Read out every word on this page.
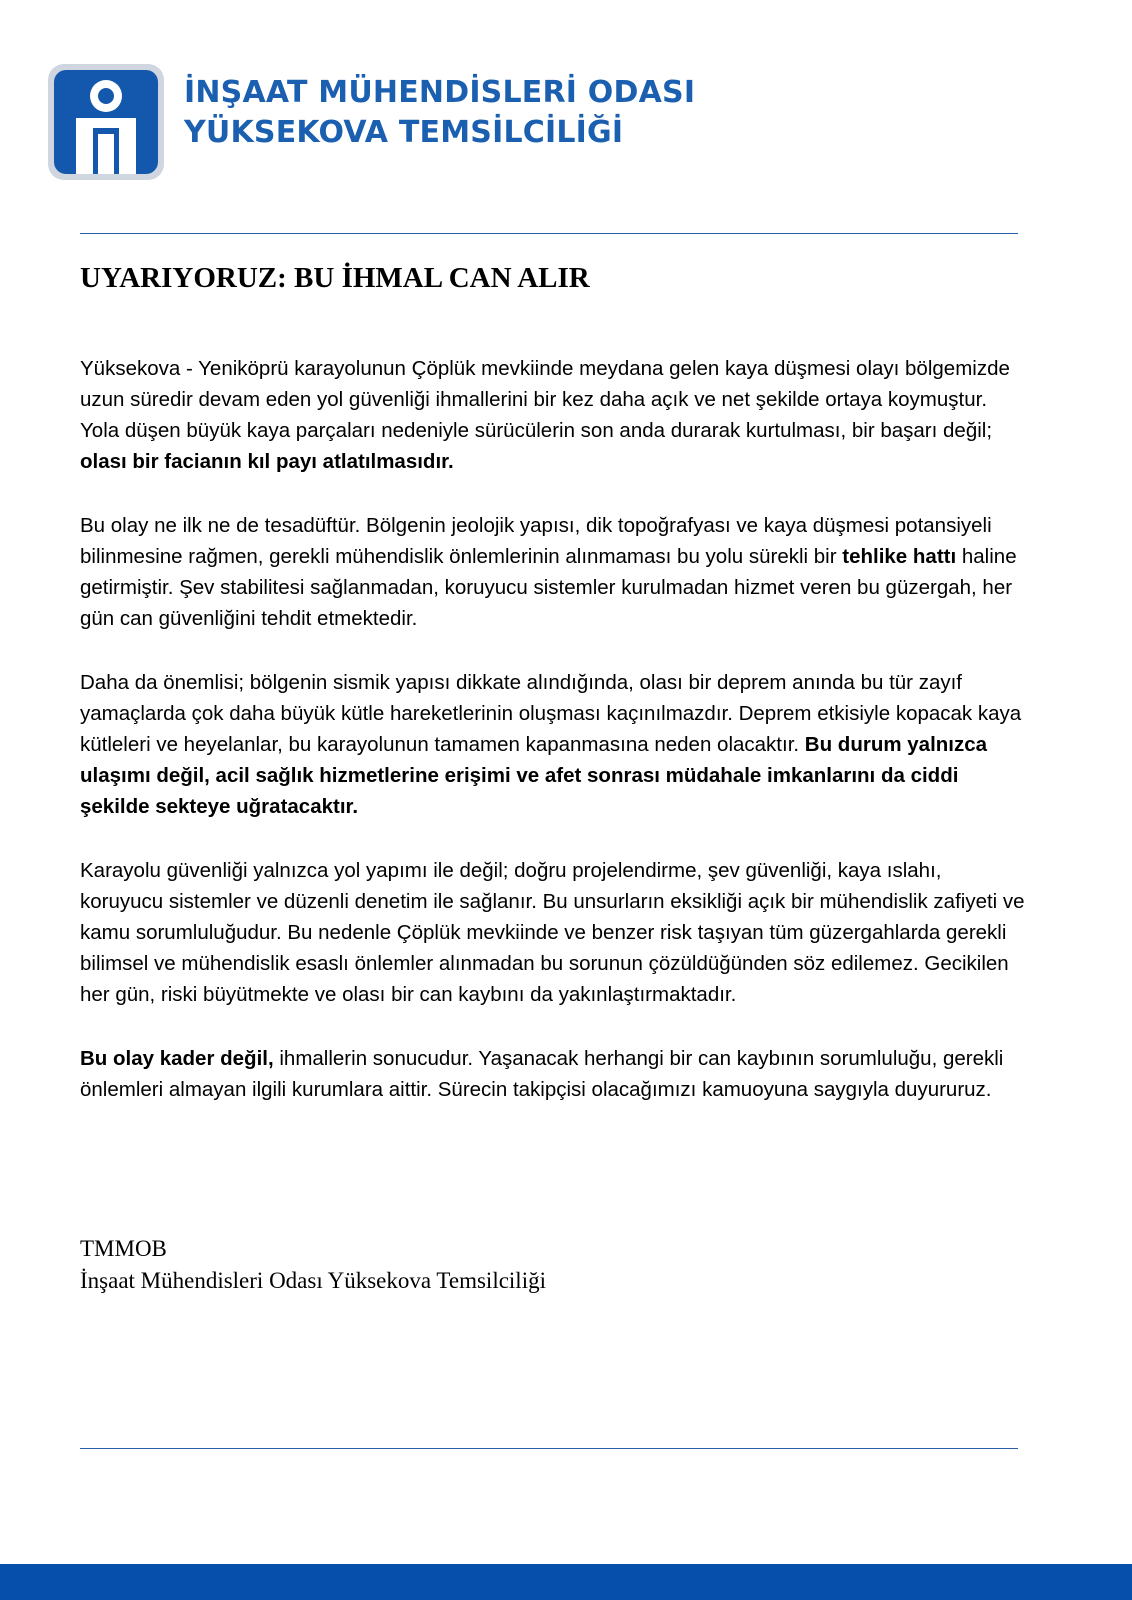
İNŞAAT MÜHENDİSLERİ ODASI
YÜKSEKOVA TEMSİLCİLİĞİ
UYARIYORUZ: BU İHMAL CAN ALIR

Yüksekova - Yeniköprü karayolunun Çöplük mevkiinde meydana gelen kaya düşmesi olayı bölgemizde uzun süredir devam eden yol güvenliği ihmallerini bir kez daha açık ve net şekilde ortaya koymuştur. Yola düşen büyük kaya parçaları nedeniyle sürücülerin son anda durarak kurtulması, bir başarı değil; olası bir facianın kıl payı atlatılmasıdır.

Bu olay ne ilk ne de tesadüftür. Bölgenin jeolojik yapısı, dik topoğrafyası ve kaya düşmesi potansiyeli bilinmesine rağmen, gerekli mühendislik önlemlerinin alınmaması bu yolu sürekli bir tehlike hattı haline getirmiştir. Şev stabilitesi sağlanmadan, koruyucu sistemler kurulmadan hizmet veren bu güzergah, her gün can güvenliğini tehdit etmektedir.

Daha da önemlisi; bölgenin sismik yapısı dikkate alındığında, olası bir deprem anında bu tür zayıf yamaçlarda çok daha büyük kütle hareketlerinin oluşması kaçınılmazdır. Deprem etkisiyle kopacak kaya kütleleri ve heyelanlar, bu karayolunun tamamen kapanmasına neden olacaktır. Bu durum yalnızca ulaşımı değil, acil sağlık hizmetlerine erişimi ve afet sonrası müdahale imkanlarını da ciddi şekilde sekteye uğratacaktır.

Karayolu güvenliği yalnızca yol yapımı ile değil; doğru projelendirme, şev güvenliği, kaya ıslahı, koruyucu sistemler ve düzenli denetim ile sağlanır. Bu unsurların eksikliği açık bir mühendislik zafiyeti ve kamu sorumluluğudur. Bu nedenle Çöplük mevkiinde ve benzer risk taşıyan tüm güzergahlarda gerekli bilimsel ve mühendislik esaslı önlemler alınmadan bu sorunun çözüldüğünden söz edilemez. Gecikilen her gün, riski büyütmekte ve olası bir can kaybını da yakınlaştırmaktadır.

Bu olay kader değil, ihmallerin sonucudur. Yaşanacak herhangi bir can kaybının sorumluluğu, gerekli önlemleri almayan ilgili kurumlara aittir. Sürecin takipçisi olacağımızı kamuoyuna saygıyla duyururuz.

TMMOB
İnşaat Mühendisleri Odası Yüksekova Temsilciliği
